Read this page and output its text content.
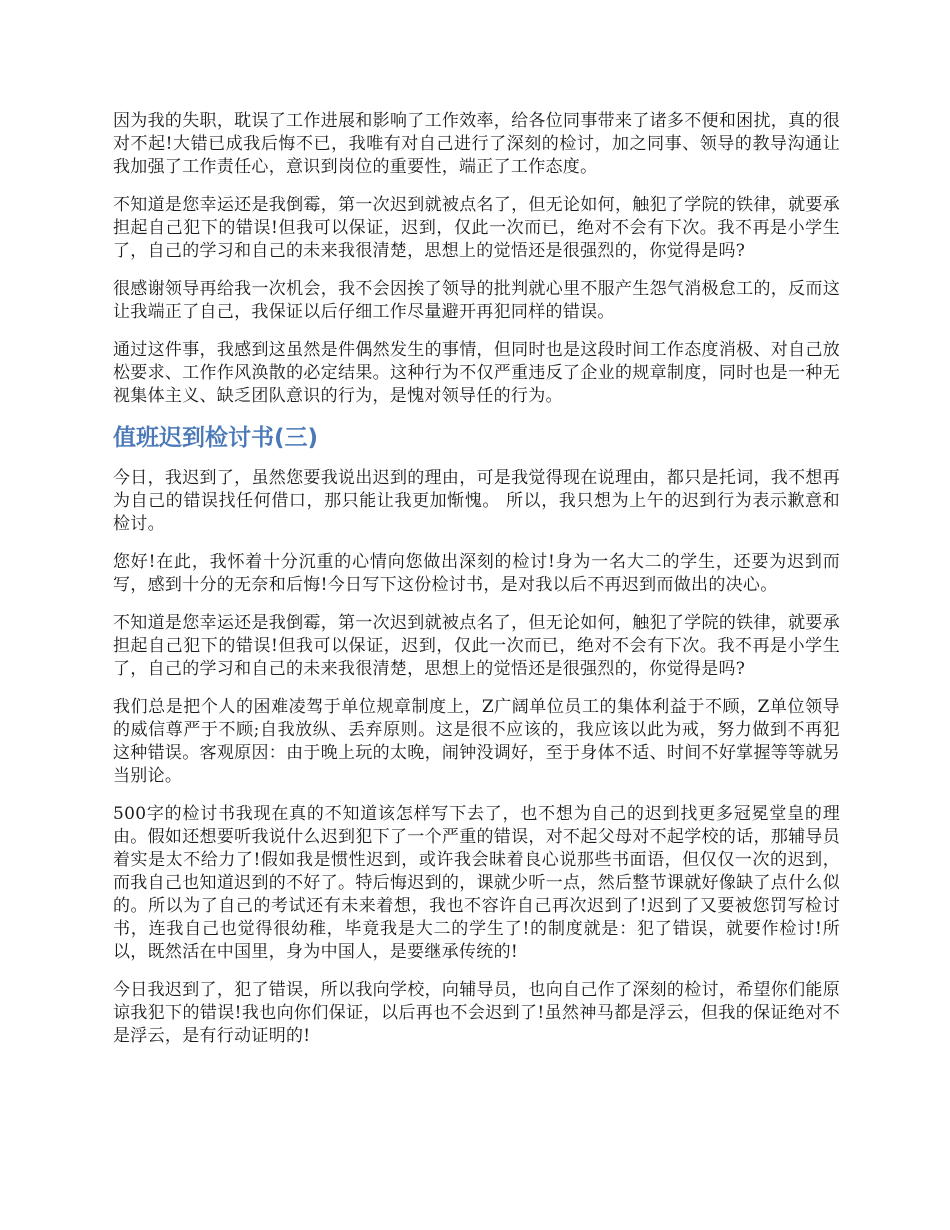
因为我的失职，耽误了工作进展和影响了工作效率，给各位同事带来了诸多不便和困扰，真的很对不起!大错已成我后悔不已，我唯有对自己进行了深刻的检讨，加之同事、领导的教导沟通让我加强了工作责任心，意识到岗位的重要性，端正了工作态度。

不知道是您幸运还是我倒霉，第一次迟到就被点名了，但无论如何，触犯了学院的铁律，就要承担起自己犯下的错误!但我可以保证，迟到，仅此一次而已，绝对不会有下次。我不再是小学生了，自己的学习和自己的未来我很清楚，思想上的觉悟还是很强烈的，你觉得是吗?

很感谢领导再给我一次机会，我不会因挨了领导的批判就心里不服产生怨气消极怠工的，反而这让我端正了自己，我保证以后仔细工作尽量避开再犯同样的错误。

通过这件事，我感到这虽然是件偶然发生的事情，但同时也是这段时间工作态度消极、对自己放松要求、工作作风涣散的必定结果。这种行为不仅严重违反了企业的规章制度，同时也是一种无视集体主义、缺乏团队意识的行为，是愧对领导任的行为。

值班迟到检讨书(三)

今日，我迟到了，虽然您要我说出迟到的理由，可是我觉得现在说理由，都只是托词，我不想再为自己的错误找任何借口，那只能让我更加惭愧。 所以，我只想为上午的迟到行为表示歉意和检讨。

您好!在此，我怀着十分沉重的心情向您做出深刻的检讨!身为一名大二的学生，还要为迟到而写，感到十分的无奈和后悔!今日写下这份检讨书，是对我以后不再迟到而做出的决心。

不知道是您幸运还是我倒霉，第一次迟到就被点名了，但无论如何，触犯了学院的铁律，就要承担起自己犯下的错误!但我可以保证，迟到，仅此一次而已，绝对不会有下次。我不再是小学生了，自己的学习和自己的未来我很清楚，思想上的觉悟还是很强烈的，你觉得是吗?

我们总是把个人的困难凌驾于单位规章制度上，Z广阔单位员工的集体利益于不顾，Z单位领导的威信尊严于不顾;自我放纵、丢弃原则。这是很不应该的，我应该以此为戒，努力做到不再犯这种错误。客观原因：由于晚上玩的太晚，闹钟没调好，至于身体不适、时间不好掌握等等就另当别论。

500字的检讨书我现在真的不知道该怎样写下去了，也不想为自己的迟到找更多冠冕堂皇的理由。假如还想要听我说什么迟到犯下了一个严重的错误，对不起父母对不起学校的话，那辅导员着实是太不给力了!假如我是惯性迟到，或许我会昧着良心说那些书面语，但仅仅一次的迟到，而我自己也知道迟到的不好了。特后悔迟到的，课就少听一点，然后整节课就好像缺了点什么似的。所以为了自己的考试还有未来着想，我也不容许自己再次迟到了!迟到了又要被您罚写检讨书，连我自己也觉得很幼稚，毕竟我是大二的学生了!的制度就是：犯了错误，就要作检讨!所以，既然活在中国里，身为中国人，是要继承传统的!

今日我迟到了，犯了错误，所以我向学校，向辅导员，也向自己作了深刻的检讨，希望你们能原谅我犯下的错误!我也向你们保证，以后再也不会迟到了!虽然神马都是浮云，但我的保证绝对不是浮云，是有行动证明的!
